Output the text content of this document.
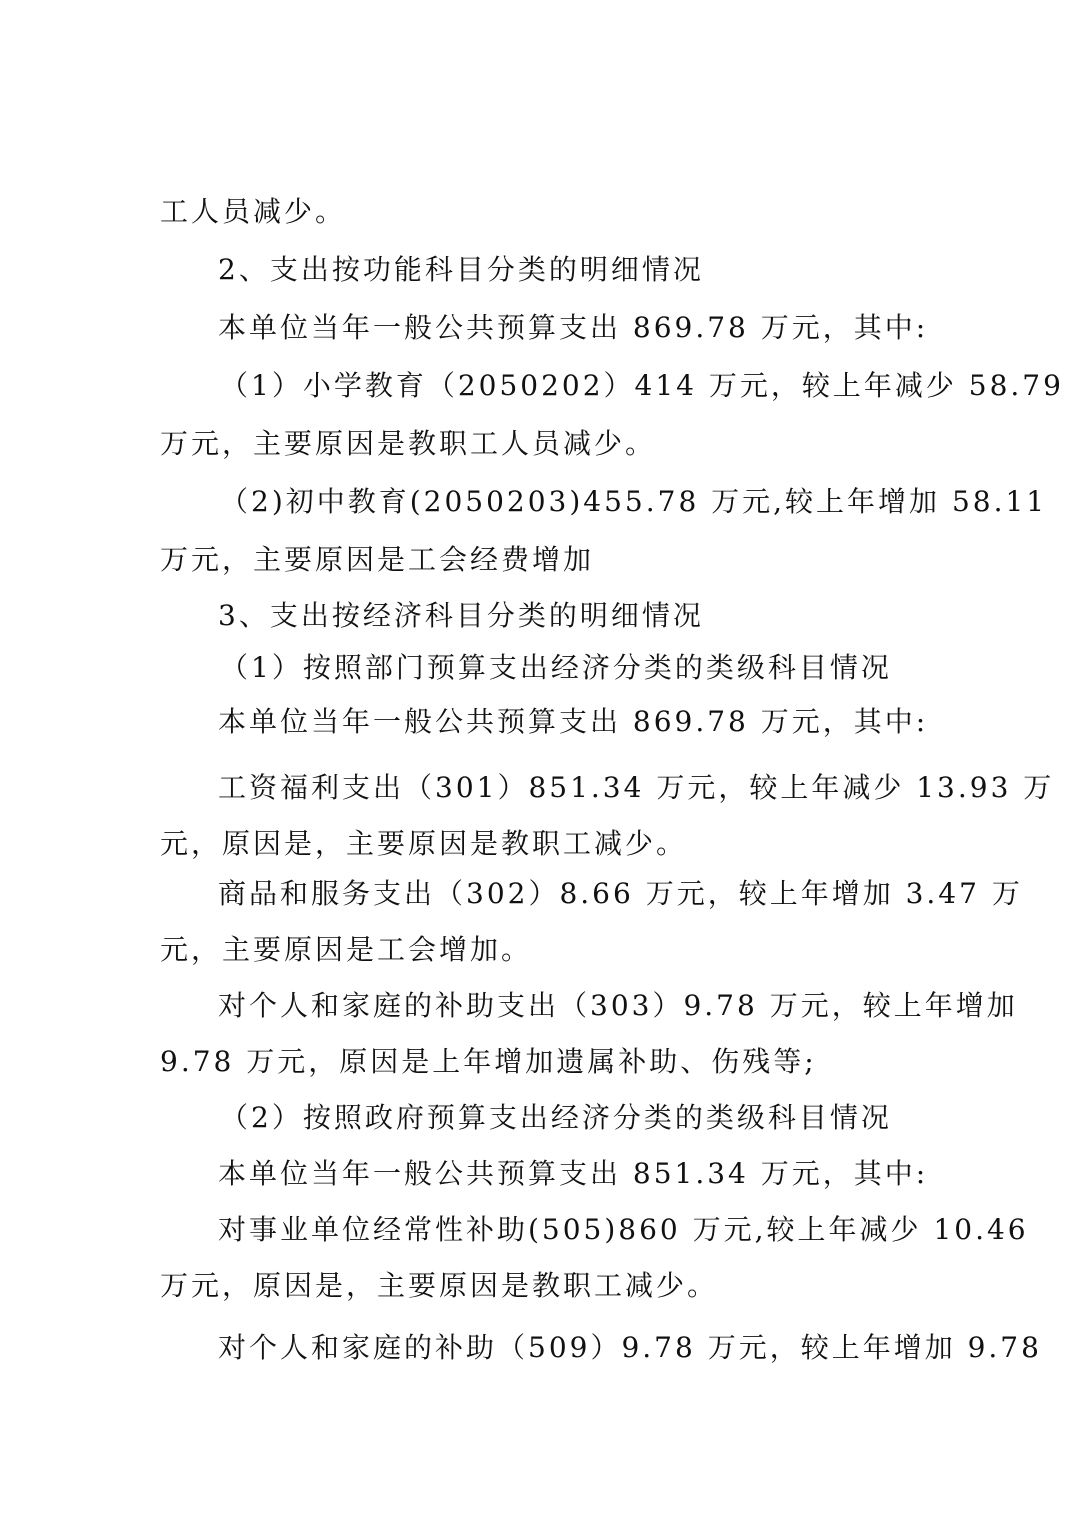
工人员减少。
2、支出按功能科目分类的明细情况
本单位当年一般公共预算支出 869.78 万元，其中:
（1）小学教育（2050202）414 万元，较上年减少 58.79
万元，主要原因是教职工人员减少。
（2)初中教育(2050203)455.78 万元,较上年增加 58.11
万元，主要原因是工会经费增加
3、支出按经济科目分类的明细情况
（1）按照部门预算支出经济分类的类级科目情况
本单位当年一般公共预算支出 869.78 万元，其中:
工资福利支出（301）851.34 万元，较上年减少 13.93 万
元，原因是，主要原因是教职工减少。
商品和服务支出（302）8.66 万元，较上年增加 3.47 万
元，主要原因是工会增加。
对个人和家庭的补助支出（303）9.78 万元，较上年增加
9.78 万元，原因是上年增加遗属补助、伤残等;
（2）按照政府预算支出经济分类的类级科目情况
本单位当年一般公共预算支出 851.34 万元，其中:
对事业单位经常性补助(505)860 万元,较上年减少 10.46
万元，原因是，主要原因是教职工减少。
对个人和家庭的补助（509）9.78 万元，较上年增加 9.78
